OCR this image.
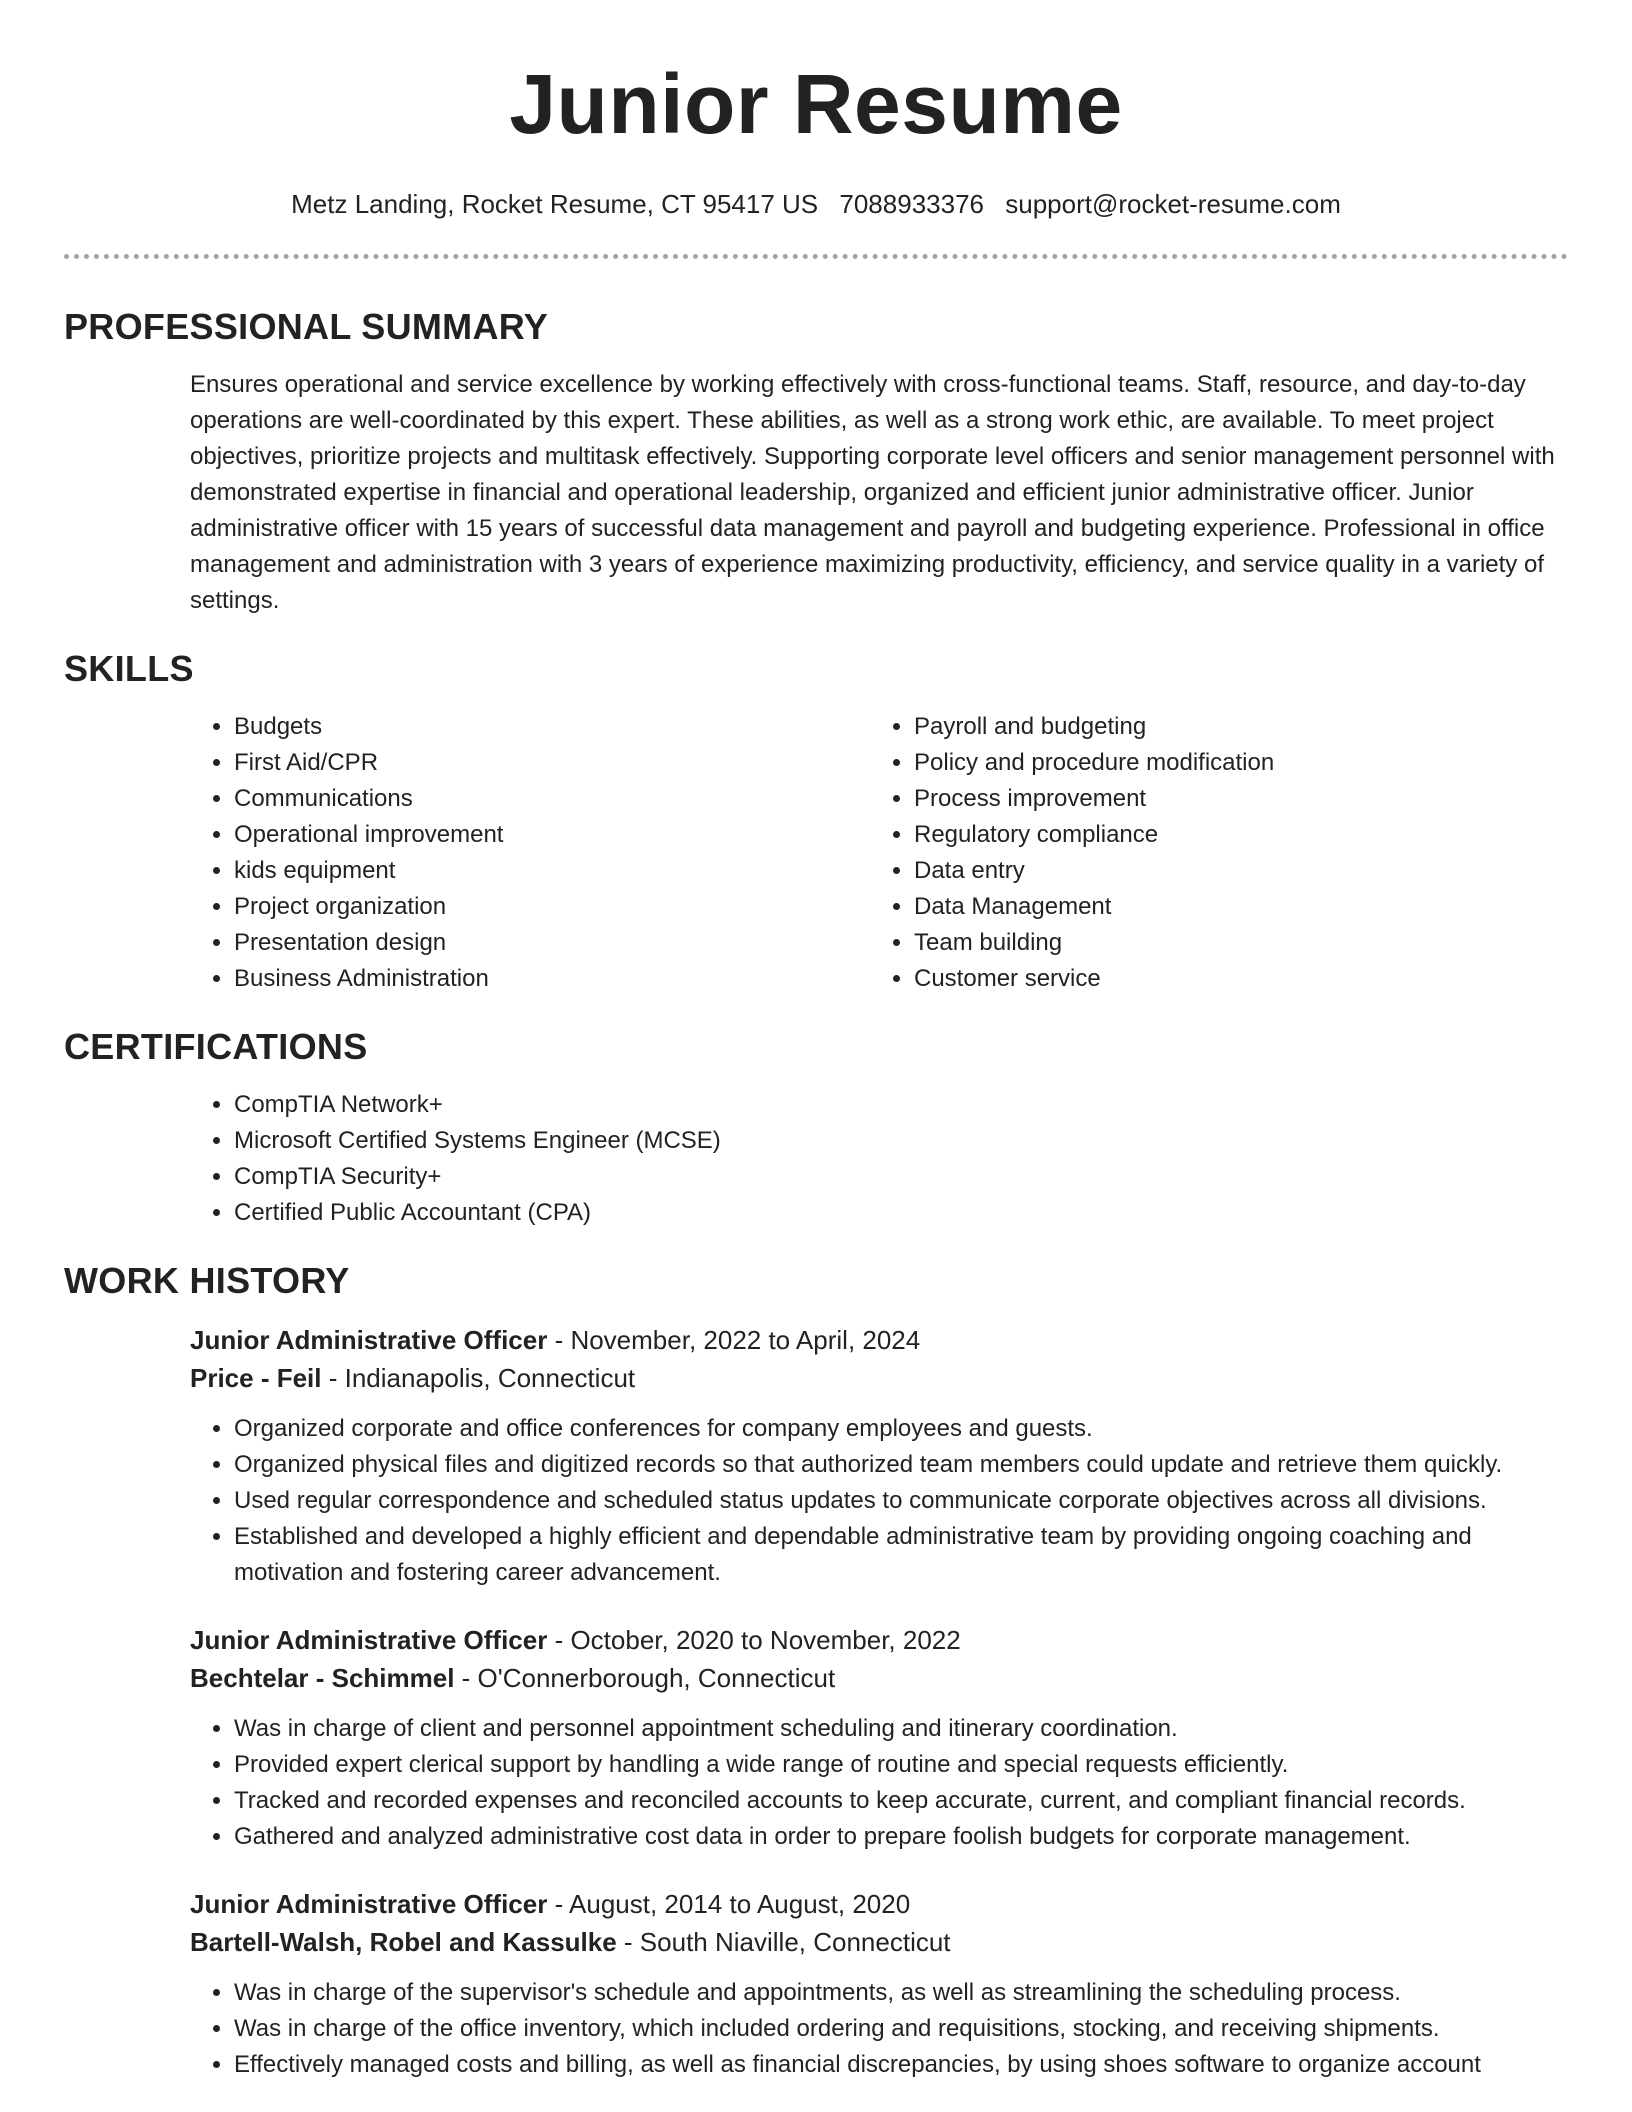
Junior Resume
Metz Landing, Rocket Resume, CT 95417 US 7088933376 support@rocket-resume.com
PROFESSIONAL SUMMARY

Ensures operational and service excellence by working effectively with cross-functional teams. Staff, resource, and day-to-day operations are well-coordinated by this expert. These abilities, as well as a strong work ethic, are available. To meet project objectives, prioritize projects and multitask effectively. Supporting corporate level officers and senior management personnel with demonstrated expertise in financial and operational leadership, organized and efficient junior administrative officer. Junior administrative officer with 15 years of successful data management and payroll and budgeting experience. Professional in office management and administration with 3 years of experience maximizing productivity, efficiency, and service quality in a variety of settings.

SKILLS
• Budgets
• First Aid/CPR
• Communications
• Operational improvement
• kids equipment
• Project organization
• Presentation design
• Business Administration
• Payroll and budgeting
• Policy and procedure modification
• Process improvement
• Regulatory compliance
• Data entry
• Data Management
• Team building
• Customer service
CERTIFICATIONS
• CompTIA Network+
• Microsoft Certified Systems Engineer (MCSE)
• CompTIA Security+
• Certified Public Accountant (CPA)
WORK HISTORY
Junior Administrative Officer - November, 2022 to April, 2024
Price - Feil - Indianapolis, Connecticut
• Organized corporate and office conferences for company employees and guests.
• Organized physical files and digitized records so that authorized team members could update and retrieve them quickly.
• Used regular correspondence and scheduled status updates to communicate corporate objectives across all divisions.
• Established and developed a highly efficient and dependable administrative team by providing ongoing coaching and motivation and fostering career advancement.
Junior Administrative Officer - October, 2020 to November, 2022
Bechtelar - Schimmel - O'Connerborough, Connecticut
• Was in charge of client and personnel appointment scheduling and itinerary coordination.
• Provided expert clerical support by handling a wide range of routine and special requests efficiently.
• Tracked and recorded expenses and reconciled accounts to keep accurate, current, and compliant financial records.
• Gathered and analyzed administrative cost data in order to prepare foolish budgets for corporate management.
Junior Administrative Officer - August, 2014 to August, 2020
Bartell-Walsh, Robel and Kassulke - South Niaville, Connecticut
• Was in charge of the supervisor's schedule and appointments, as well as streamlining the scheduling process.
• Was in charge of the office inventory, which included ordering and requisitions, stocking, and receiving shipments.
• Effectively managed costs and billing, as well as financial discrepancies, by using shoes software to organize account
